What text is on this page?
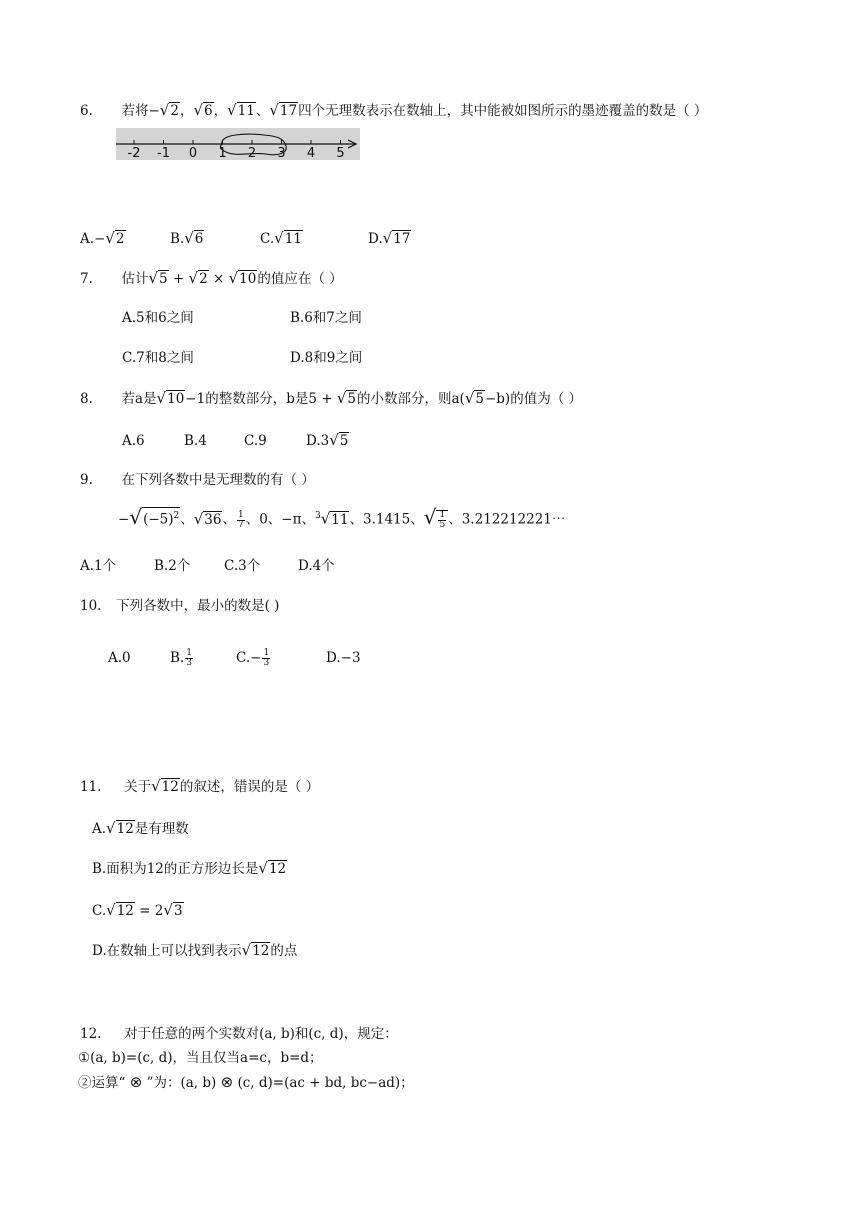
6. 若将−√2，√6，√11、√17四个无理数表示在数轴上，其中能被如图所示的墨迹覆盖的数是（ ）
-2 -1 0 1 2 3 4 5
A.−√2	B.√6	C.√11	D.√17
7. 估计√5 + √2 × √10的值应在（ ）
A.5和6之间	B.6和7之间
C.7和8之间	D.8和9之间
8. 若a是√10−1的整数部分，b是5 + √5的小数部分，则a(√5−b)的值为（ ）
A.6	B.4	C.9	D.3√5
9. 在下列各数中是无理数的有（ ）
$-√(-5)^2$、√36、 $\frac{1}{7}$ 、0、−π、$^3$√11、3.1415、√ $\frac{1}{5}$ 、3.212212221⋯
A.1个	B.2个 C.3个	D.4个
10. 下列各数中，最小的数是( )
A.0	B. $\frac{1}{3}$	$C.- \frac{1}{3}$	D.−3
11. 关于√12的叙述，错误的是（ ）
A.√12是有理数
B.面积为12的正方形边长是√12
C.√12 = 2√3
D.在数轴上可以找到表示√12的点
12. 对于任意的两个实数对(a, b)和(c, d)，规定：
①(a, b)=(c, d)，当且仅当a=c，b=d；
②运算“ ⊗ ”为：(a, b) ⊗ (c, d)=(ac + bd, bc−ad)；
